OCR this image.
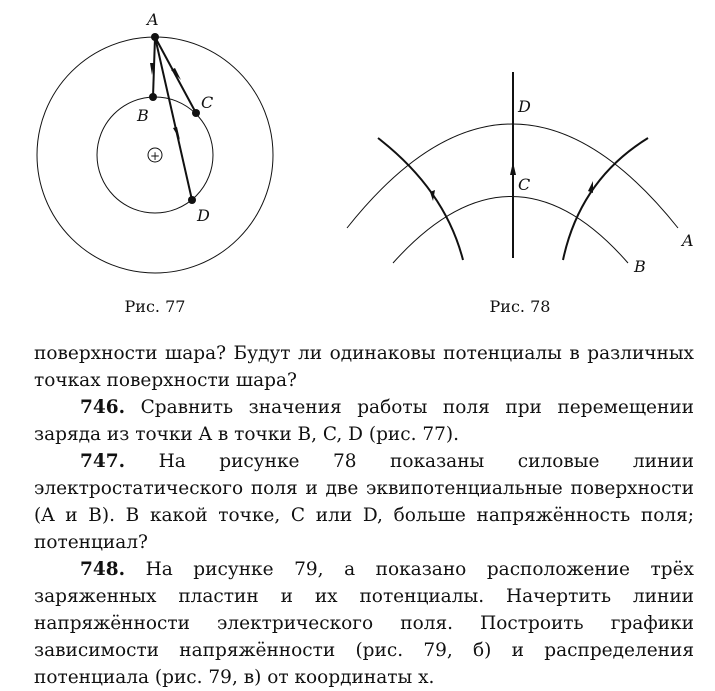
+
A
B
C
D
Рис. 77
D
C
A
B
Рис. 78

поверхности шара? Будут ли одинаковы потенциалы в различных точках поверхности шара?

746. Сравнить значения работы поля при перемещении заряда из точки A в точки B, C, D (рис. 77).

747. На рисунке 78 показаны силовые линии электростатического поля и две эквипотенциальные поверхности (A и B). В какой точке, C или D, больше напряжённость поля; потенциал?

748. На рисунке 79, а показано расположение трёх заряженных пластин и их потенциалы. Начертить линии напряжённости электрического поля. Построить графики зависимости напряжённости (рис. 79, б) и распределения потенциала (рис. 79, в) от координаты x.
